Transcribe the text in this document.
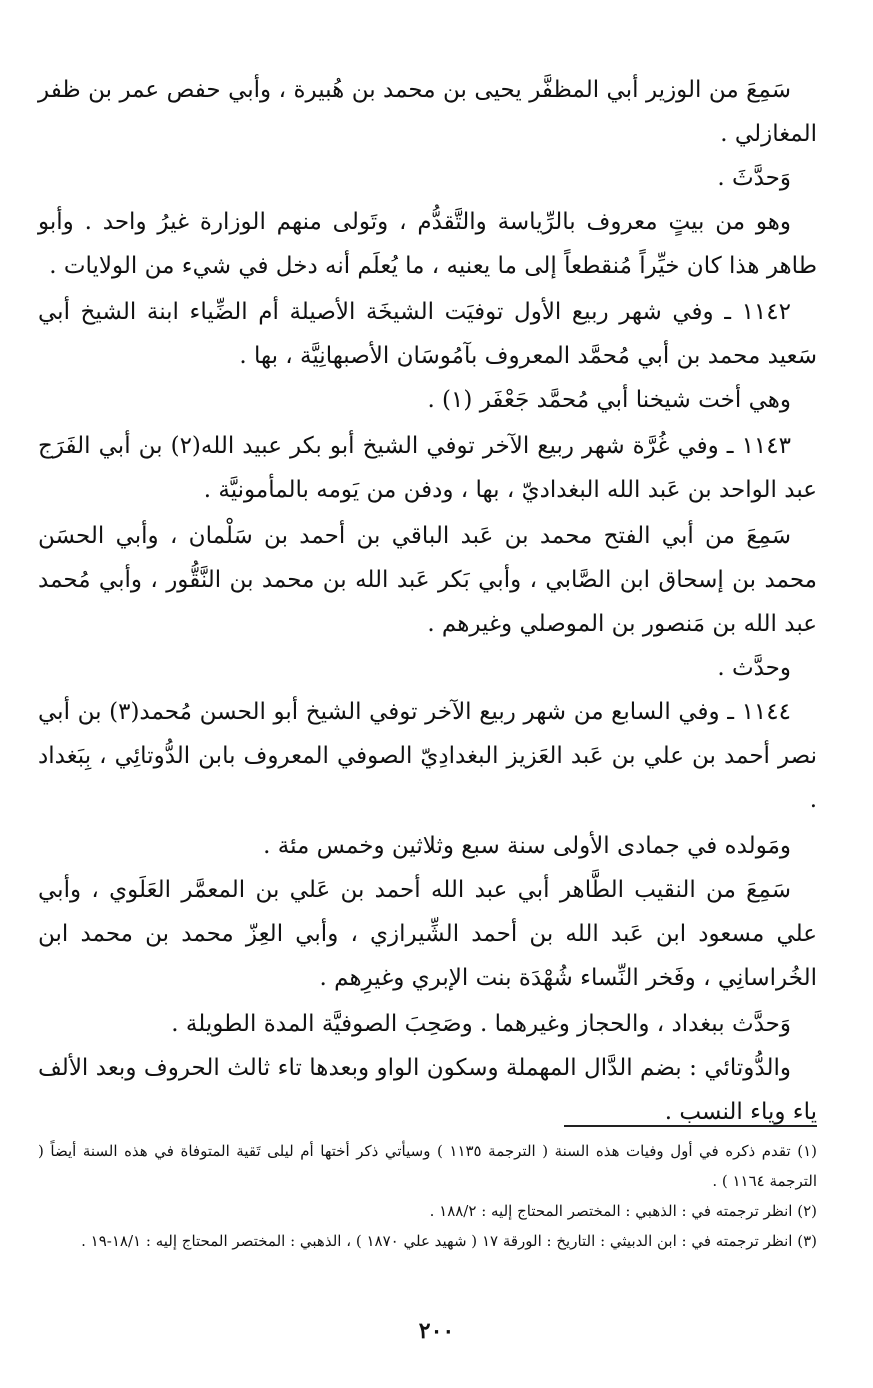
سَمِعَ من الوزير أبي المظفَّر يحيى بن محمد بن هُبيرة ، وأبي حفص عمر بن ظفر المغازلي .

وَحدَّثَ .

وهو من بيتٍ معروف بالرِّياسة والتَّقدُّم ، وتَولى منهم الوزارة غيرُ واحد . وأبو طاهر هذا كان خيِّراً مُنقطعاً إلى ما يعنيه ، ما يُعلَم أنه دخل في شيء من الولايات .

١١٤٢ ـ وفي شهر ربيع الأول توفيَت الشيخَة الأصيلة أم الضِّياء ابنة الشيخ أبي سَعيد محمد بن أبي مُحمَّد المعروف بآمُوسَان الأصبهانِيَّة ، بها .

وهي أخت شيخنا أبي مُحمَّد جَعْفَر (١) .

١١٤٣ ـ وفي غُرَّة شهر ربيع الآخر توفي الشيخ أبو بكر عبيد الله(٢) بن أبي الفَرَج عبد الواحد بن عَبد الله البغداديّ ، بها ، ودفن من يَومه بالمأمونيَّة .

سَمِعَ من أبي الفتح محمد بن عَبد الباقي بن أحمد بن سَلْمان ، وأبي الحسَن محمد بن إسحاق ابن الصَّابي ، وأبي بَكر عَبد الله بن محمد بن النَّقُّور ، وأبي مُحمد عبد الله بن مَنصور بن الموصلي وغيرهم .

وحدَّث .

١١٤٤ ـ وفي السابع من شهر ربيع الآخر توفي الشيخ أبو الحسن مُحمد(٣) بن أبي نصر أحمد بن علي بن عَبد العَزيز البغدادِيّ الصوفي المعروف بابن الدُّوتائِي ، بِبَغداد .

ومَولده في جمادى الأولى سنة سبع وثلاثين وخمس مئة .

سَمِعَ من النقيب الطَّاهر أبي عبد الله أحمد بن عَلي بن المعمَّر العَلَوي ، وأبي علي مسعود ابن عَبد الله بن أحمد الشِّيرازي ، وأبي العِزّ محمد بن محمد ابن الخُراسانِي ، وفَخر النِّساء شُهْدَة بنت الإبري وغيرِهم .

وَحدَّث ببغداد ، والحجاز وغيرهما . وصَحِبَ الصوفيَّة المدة الطويلة .

والدُّوتائي : بضم الدَّال المهملة وسكون الواو وبعدها تاء ثالث الحروف وبعد الألف ياء وياء النسب .

(١) تقدم ذكره في أول وفيات هذه السنة ( الترجمة ١١٣٥ ) وسيأتي ذكر أختها أم ليلى تَقية المتوفاة في هذه السنة أيضاً ( الترجمة ١١٦٤ ) .

(٢) انظر ترجمته في : الذهبي : المختصر المحتاج إليه : ١٨٨/٢ .

(٣) انظر ترجمته في : ابن الدبيثي : التاريخ : الورقة ١٧ ( شهيد علي ١٨٧٠ ) ، الذهبي : المختصر المحتاج إليه : ١٨/١-١٩ .

٢٠٠
